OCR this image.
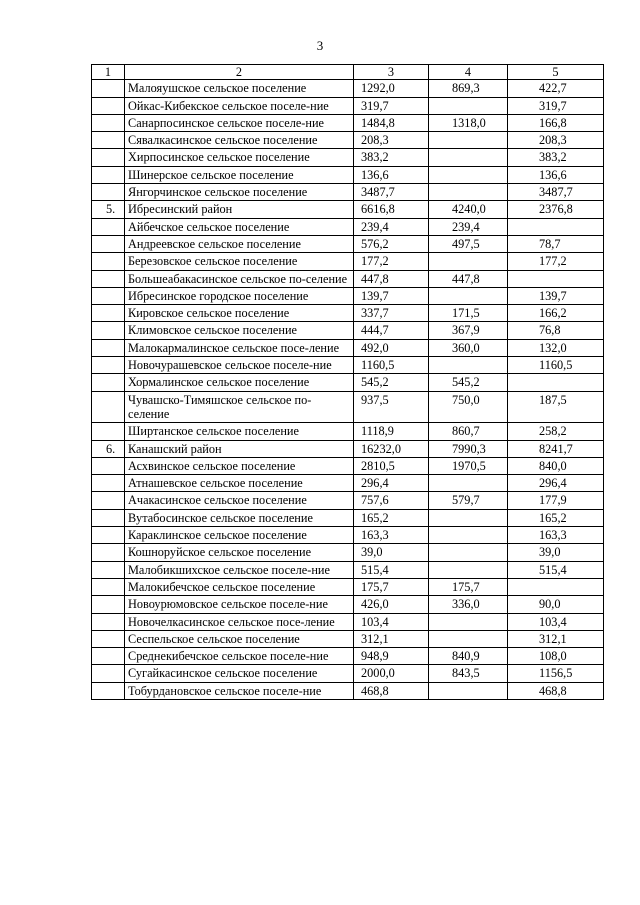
3
1	2	3	4	5
	Малояушское сельское поселение	1292,0	869,3	422,7
	Ойкас-Кибекское сельское поселе-ние	319,7		319,7
	Санарпосинское сельское поселе-ние	1484,8	1318,0	166,8
	Сявалкасинское сельское поселение	208,3		208,3
	Хирпосинское сельское поселение	383,2		383,2
	Шинерское сельское поселение	136,6		136,6
	Янгорчинское сельское поселение	3487,7		3487,7
5.	Ибресинский район	6616,8	4240,0	2376,8
	Айбечское сельское поселение	239,4	239,4	
	Андреевское сельское поселение	576,2	497,5	78,7
	Березовское сельское поселение	177,2		177,2
	Большеабакасинское сельское по-селение	447,8	447,8	
	Ибресинское городское поселение	139,7		139,7
	Кировское сельское поселение	337,7	171,5	166,2
	Климовское сельское поселение	444,7	367,9	76,8
	Малокармалинское сельское посе-ление	492,0	360,0	132,0
	Новочурашевское сельское поселе-ние	1160,5		1160,5
	Хормалинское сельское поселение	545,2	545,2	
	Чувашско-Тимяшское сельское по-селение	937,5	750,0	187,5
	Ширтанское сельское поселение	1118,9	860,7	258,2
6.	Канашский район	16232,0	7990,3	8241,7
	Асхвинское сельское поселение	2810,5	1970,5	840,0
	Атнашевское сельское поселение	296,4		296,4
	Ачакасинское сельское поселение	757,6	579,7	177,9
	Вутабосинское сельское поселение	165,2		165,2
	Караклинское сельское поселение	163,3		163,3
	Кошноруйское сельское поселение	39,0		39,0
	Малобикшихское сельское поселе-ние	515,4		515,4
	Малокибечское сельское поселение	175,7	175,7	
	Новоурюмовское сельское поселе-ние	426,0	336,0	90,0
	Новочелкасинское сельское посе-ление	103,4		103,4
	Сеспельское сельское поселение	312,1		312,1
	Среднекибечское сельское поселе-ние	948,9	840,9	108,0
	Сугайкасинское сельское поселение	2000,0	843,5	1156,5
	Тобурдановское сельское поселе-ние	468,8		468,8
